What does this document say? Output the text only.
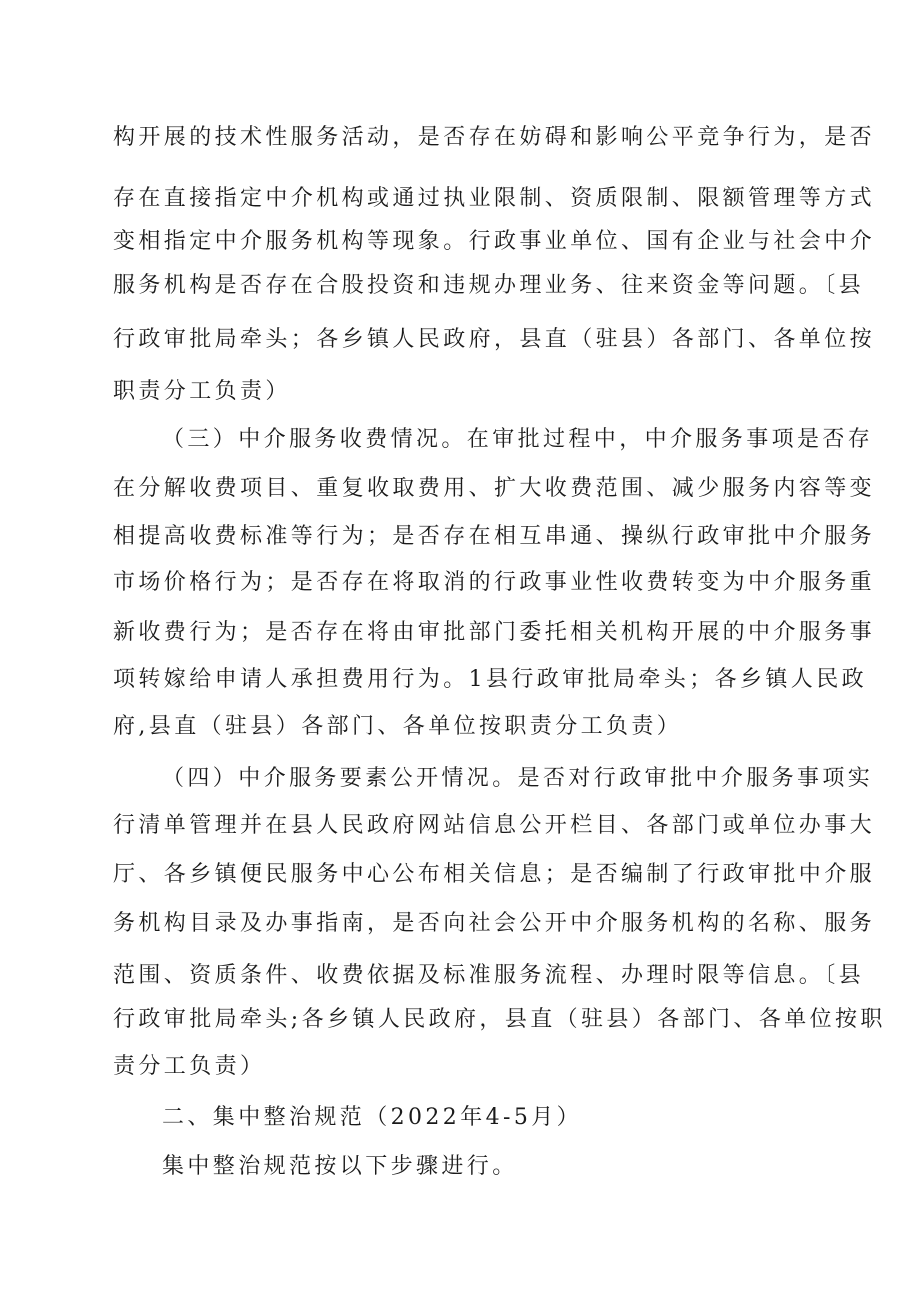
构开展的技术性服务活动，是否存在妨碍和影响公平竞争行为，是否
存在直接指定中介机构或通过执业限制、资质限制、限额管理等方式
变相指定中介服务机构等现象。行政事业单位、国有企业与社会中介
服务机构是否存在合股投资和违规办理业务、往来资金等问题。〔县
行政审批局牵头；各乡镇人民政府，县直（驻县）各部门、各单位按
职责分工负责）
（三）中介服务收费情况。在审批过程中，中介服务事项是否存
在分解收费项目、重复收取费用、扩大收费范围、减少服务内容等变
相提高收费标准等行为；是否存在相互串通、操纵行政审批中介服务
市场价格行为；是否存在将取消的行政事业性收费转变为中介服务重
新收费行为；是否存在将由审批部门委托相关机构开展的中介服务事
项转嫁给申请人承担费用行为。1县行政审批局牵头；各乡镇人民政
府,县直（驻县）各部门、各单位按职责分工负责）
（四）中介服务要素公开情况。是否对行政审批中介服务事项实
行清单管理并在县人民政府网站信息公开栏目、各部门或单位办事大
厅、各乡镇便民服务中心公布相关信息；是否编制了行政审批中介服
务机构目录及办事指南，是否向社会公开中介服务机构的名称、服务
范围、资质条件、收费依据及标准服务流程、办理时限等信息。〔县
行政审批局牵头;各乡镇人民政府，县直（驻县）各部门、各单位按职
责分工负责）
二、集中整治规范（2022年4-5月）
集中整治规范按以下步骤进行。
